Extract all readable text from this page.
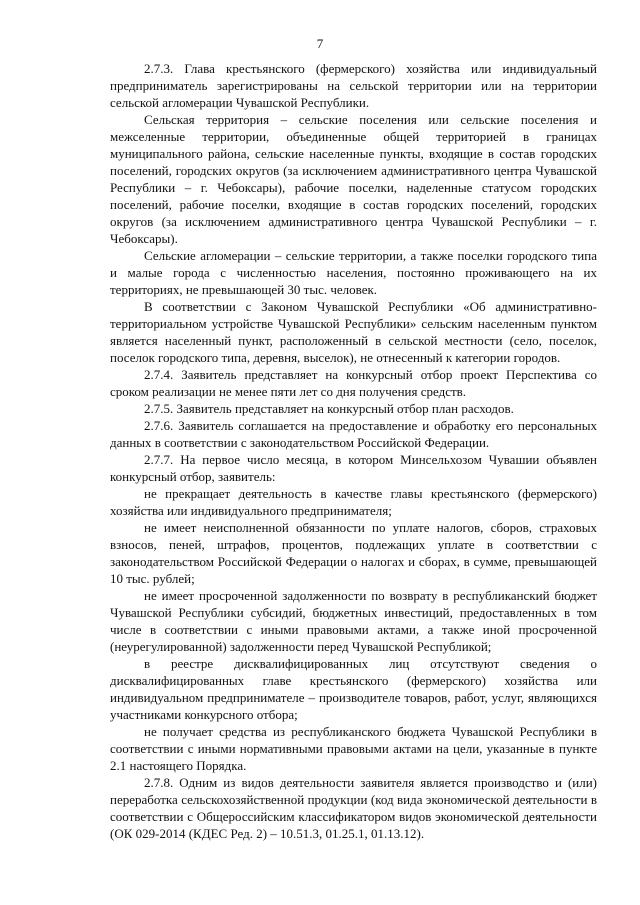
7

2.7.3. Глава крестьянского (фермерского) хозяйства или индивидуальный предприниматель зарегистрированы на сельской территории или на территории сельской агломерации Чувашской Республики.

Сельская территория – сельские поселения или сельские поселения и межселенные территории, объединенные общей территорией в границах муниципального района, сельские населенные пункты, входящие в состав городских поселений, городских округов (за исключением административного центра Чувашской Республики – г. Чебоксары), рабочие поселки, наделенные статусом городских поселений, рабочие поселки, входящие в состав городских поселений, городских округов (за исключением административного центра Чувашской Республики – г. Чебоксары).

Сельские агломерации – сельские территории, а также поселки городского типа и малые города с численностью населения, постоянно проживающего на их территориях, не превышающей 30 тыс. человек.

В соответствии с Законом Чувашской Республики «Об административно-территориальном устройстве Чувашской Республики» сельским населенным пунктом является населенный пункт, расположенный в сельской местности (село, поселок, поселок городского типа, деревня, выселок), не отнесенный к категории городов.

2.7.4. Заявитель представляет на конкурсный отбор проект Перспектива со сроком реализации не менее пяти лет со дня получения средств.

2.7.5. Заявитель представляет на конкурсный отбор план расходов.

2.7.6. Заявитель соглашается на предоставление и обработку его персональных данных в соответствии с законодательством Российской Федерации.

2.7.7. На первое число месяца, в котором Минсельхозом Чувашии объявлен конкурсный отбор, заявитель:

не прекращает деятельность в качестве главы крестьянского (фермерского) хозяйства или индивидуального предпринимателя;

не имеет неисполненной обязанности по уплате налогов, сборов, страховых взносов, пеней, штрафов, процентов, подлежащих уплате в соответствии с законодательством Российской Федерации о налогах и сборах, в сумме, превышающей 10 тыс. рублей;

не имеет просроченной задолженности по возврату в республиканский бюджет Чувашской Республики субсидий, бюджетных инвестиций, предоставленных в том числе в соответствии с иными правовыми актами, а также иной просроченной (неурегулированной) задолженности перед Чувашской Республикой;

в реестре дисквалифицированных лиц отсутствуют сведения о дисквалифицированных главе крестьянского (фермерского) хозяйства или индивидуальном предпринимателе – производителе товаров, работ, услуг, являющихся участниками конкурсного отбора;

не получает средства из республиканского бюджета Чувашской Республики в соответствии с иными нормативными правовыми актами на цели, указанные в пункте 2.1 настоящего Порядка.

2.7.8. Одним из видов деятельности заявителя является производство и (или) переработка сельскохозяйственной продукции (код вида экономической деятельности в соответствии с Общероссийским классификатором видов экономической деятельности (ОК 029-2014 (КДЕС Ред. 2) – 10.51.3, 01.25.1, 01.13.12).
